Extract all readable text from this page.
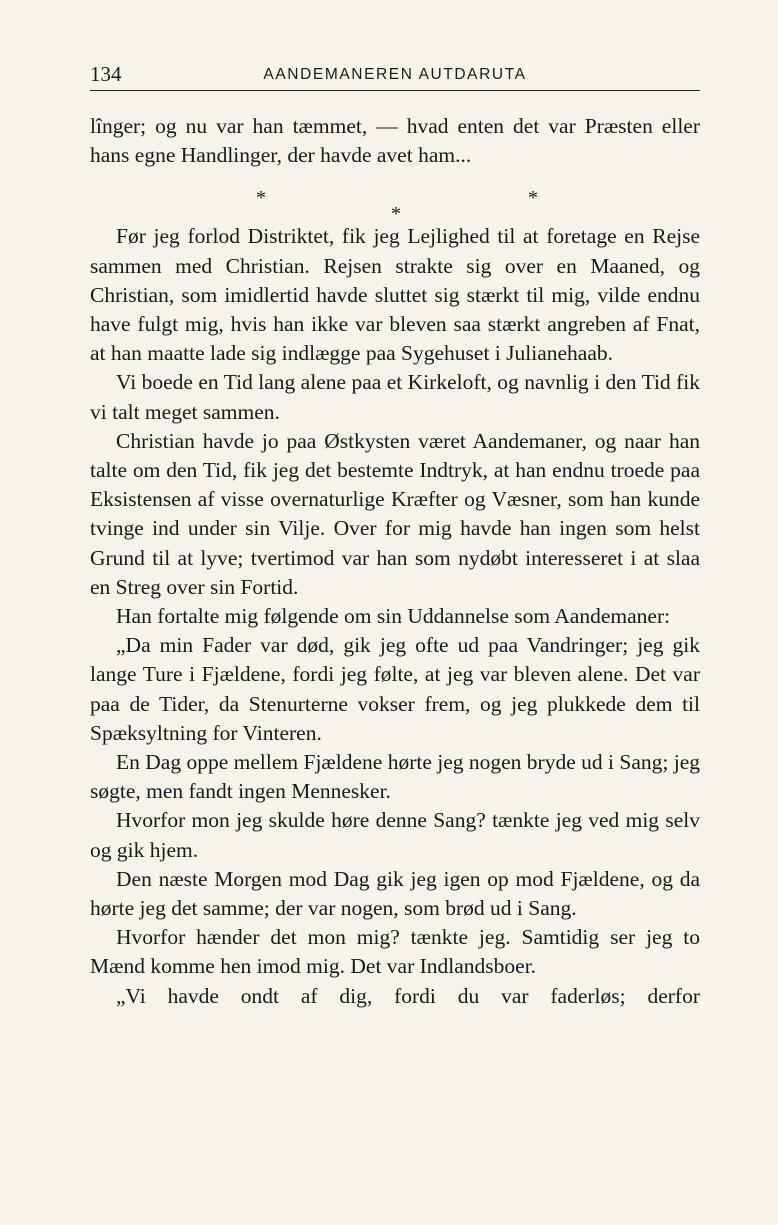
134	AANDEMANEREN AUTDARUTA

lînger; og nu var han tæmmet, — hvad enten det var Præsten eller hans egne Handlinger, der havde avet ham...

*	*
*

Før jeg forlod Distriktet, fik jeg Lejlighed til at foretage en Rejse sammen med Christian. Rejsen strakte sig over en Maaned, og Christian, som imidlertid havde sluttet sig stærkt til mig, vilde endnu have fulgt mig, hvis han ikke var bleven saa stærkt angreben af Fnat, at han maatte lade sig indlægge paa Sygehuset i Julianehaab.

Vi boede en Tid lang alene paa et Kirkeloft, og navnlig i den Tid fik vi talt meget sammen.

Christian havde jo paa Østkysten været Aandemaner, og naar han talte om den Tid, fik jeg det bestemte Indtryk, at han endnu troede paa Eksistensen af visse overnaturlige Kræfter og Væsner, som han kunde tvinge ind under sin Vilje. Over for mig havde han ingen som helst Grund til at lyve; tvertimod var han som nydøbt interesseret i at slaa en Streg over sin Fortid.

Han fortalte mig følgende om sin Uddannelse som Aandemaner:

„Da min Fader var død, gik jeg ofte ud paa Vandringer; jeg gik lange Ture i Fjældene, fordi jeg følte, at jeg var bleven alene. Det var paa de Tider, da Stenurterne vokser frem, og jeg plukkede dem til Spæksyltning for Vinteren.

En Dag oppe mellem Fjældene hørte jeg nogen bryde ud i Sang; jeg søgte, men fandt ingen Mennesker.

Hvorfor mon jeg skulde høre denne Sang? tænkte jeg ved mig selv og gik hjem.

Den næste Morgen mod Dag gik jeg igen op mod Fjældene, og da hørte jeg det samme; der var nogen, som brød ud i Sang.

Hvorfor hænder det mon mig? tænkte jeg. Samtidig ser jeg to Mænd komme hen imod mig. Det var Indlandsboer.

„Vi havde ondt af dig, fordi du var faderløs; derfor
